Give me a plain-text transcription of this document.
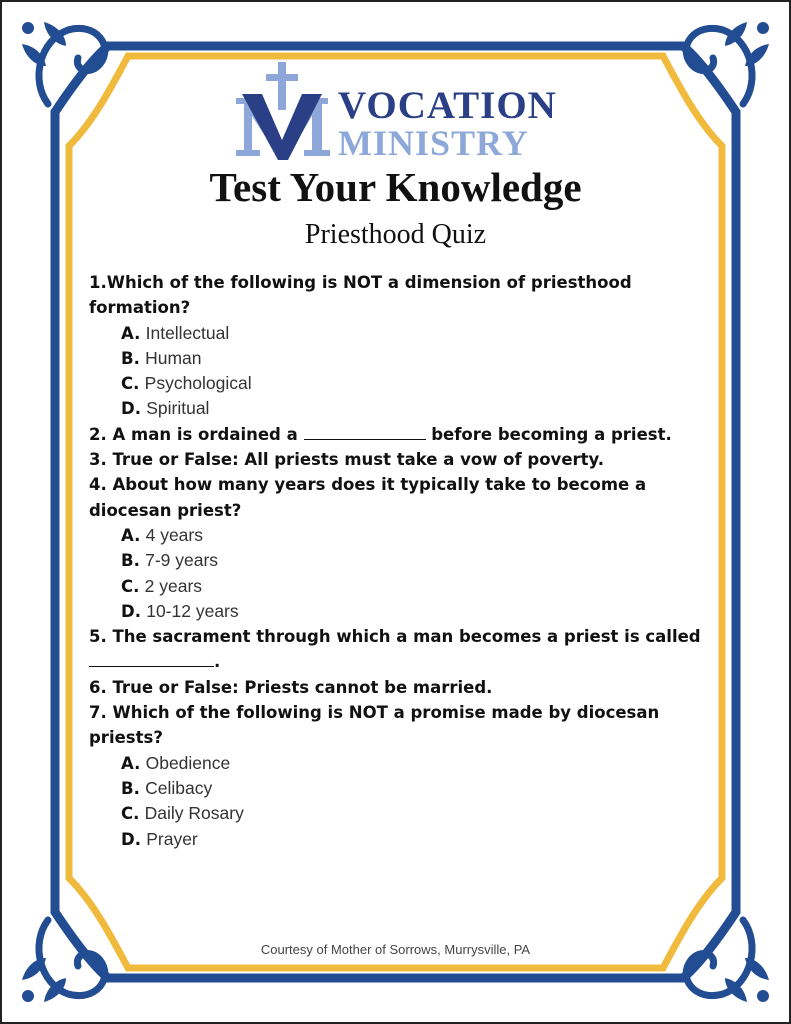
VOCATION
MINISTRY
Test Your Knowledge
Priesthood Quiz
1.Which of the following is NOT a dimension of priesthood formation?
A. Intellectual
B. Human
C. Psychological
D. Spiritual
2. A man is ordained a	before becoming a priest.
3. True or False: All priests must take a vow of poverty.
4. About how many years does it typically take to become a diocesan priest?
A. 4 years
B. 7-9 years
C. 2 years
D. 10-12 years
5. The sacrament through which a man becomes a priest is called .
6. True or False: Priests cannot be married.
7. Which of the following is NOT a promise made by diocesan priests?
A. Obedience
B. Celibacy
C. Daily Rosary
D. Prayer
Courtesy of Mother of Sorrows, Murrysville, PA
